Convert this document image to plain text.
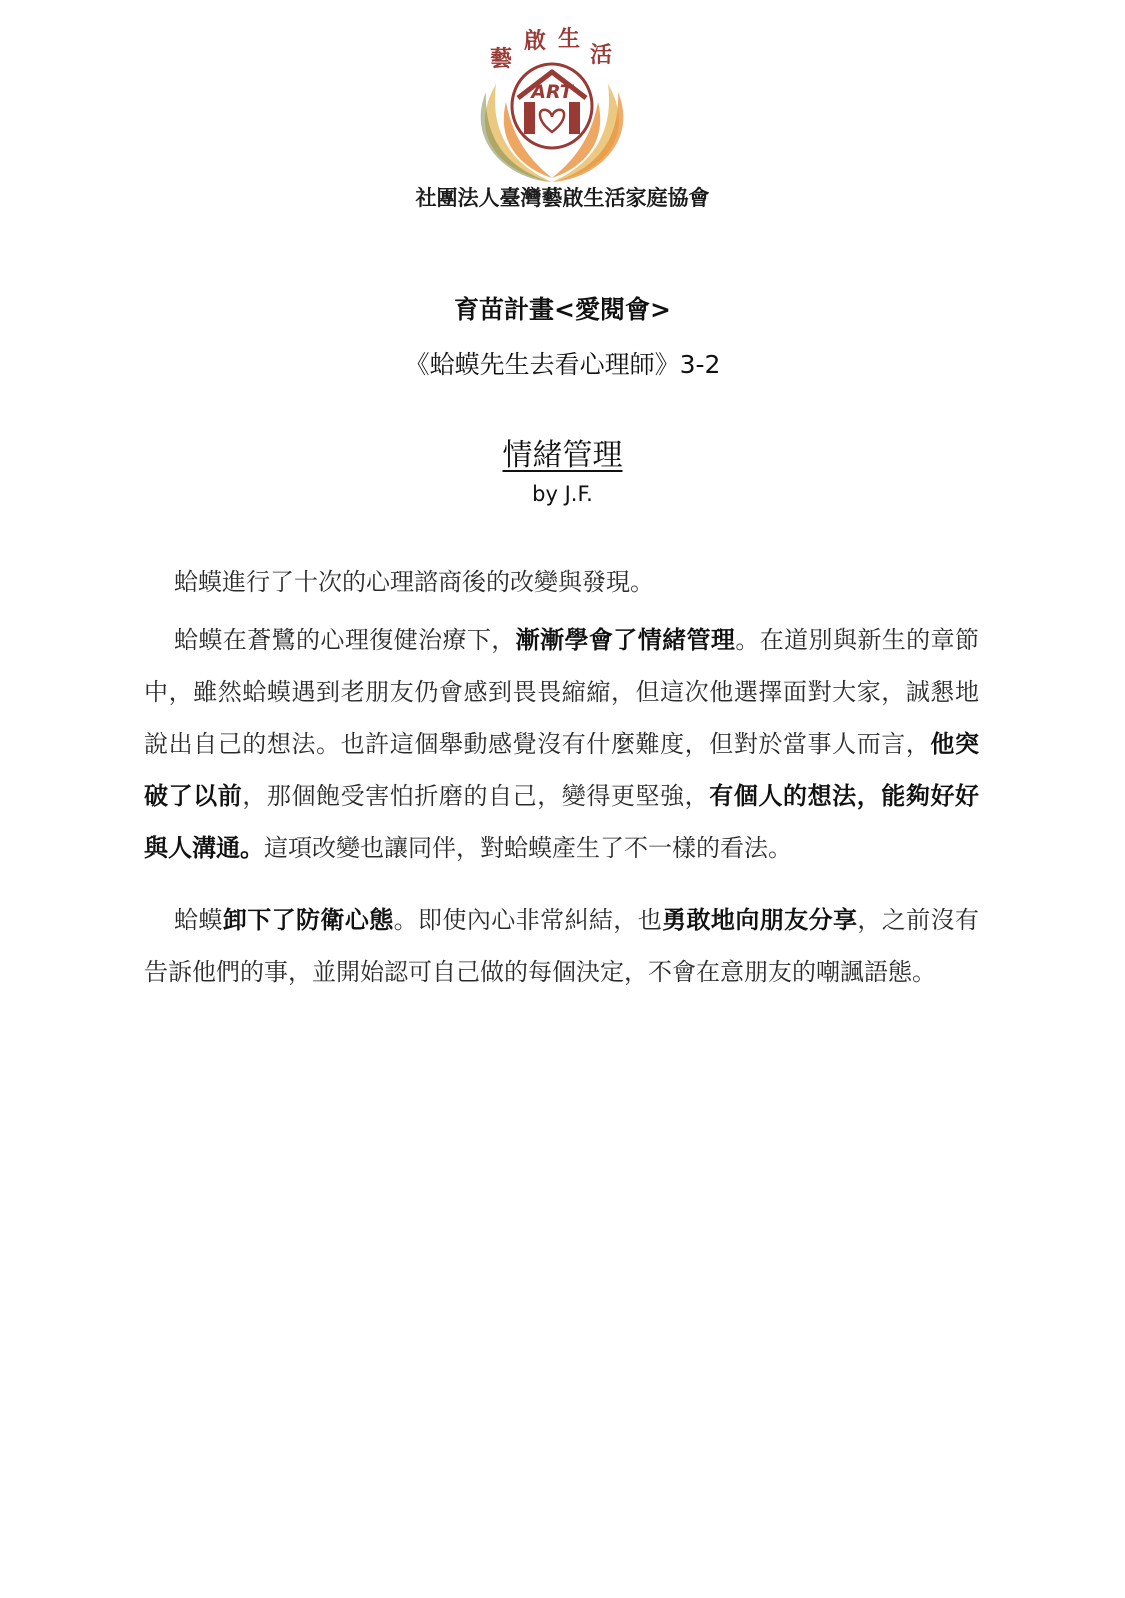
ART
藝
啟 生
活
社團法人臺灣藝啟生活家庭協會
育苗計畫<愛閱會>
《蛤蟆先生去看心理師》3-2
情緒管理
by J.F.

蛤蟆進行了十次的心理諮商後的改變與發現。

蛤蟆在蒼鷺的心理復健治療下，漸漸學會了情緒管理。在道別與新生的章節中，雖然蛤蟆遇到老朋友仍會感到畏畏縮縮，但這次他選擇面對大家，誠懇地說出自己的想法。也許這個舉動感覺沒有什麼難度，但對於當事人而言，他突破了以前，那個飽受害怕折磨的自己，變得更堅強，有個人的想法，能夠好好與人溝通。這項改變也讓同伴，對蛤蟆產生了不一樣的看法。

蛤蟆卸下了防衛心態。即使內心非常糾結，也勇敢地向朋友分享，之前沒有告訴他們的事，並開始認可自己做的每個決定，不會在意朋友的嘲諷語態。
